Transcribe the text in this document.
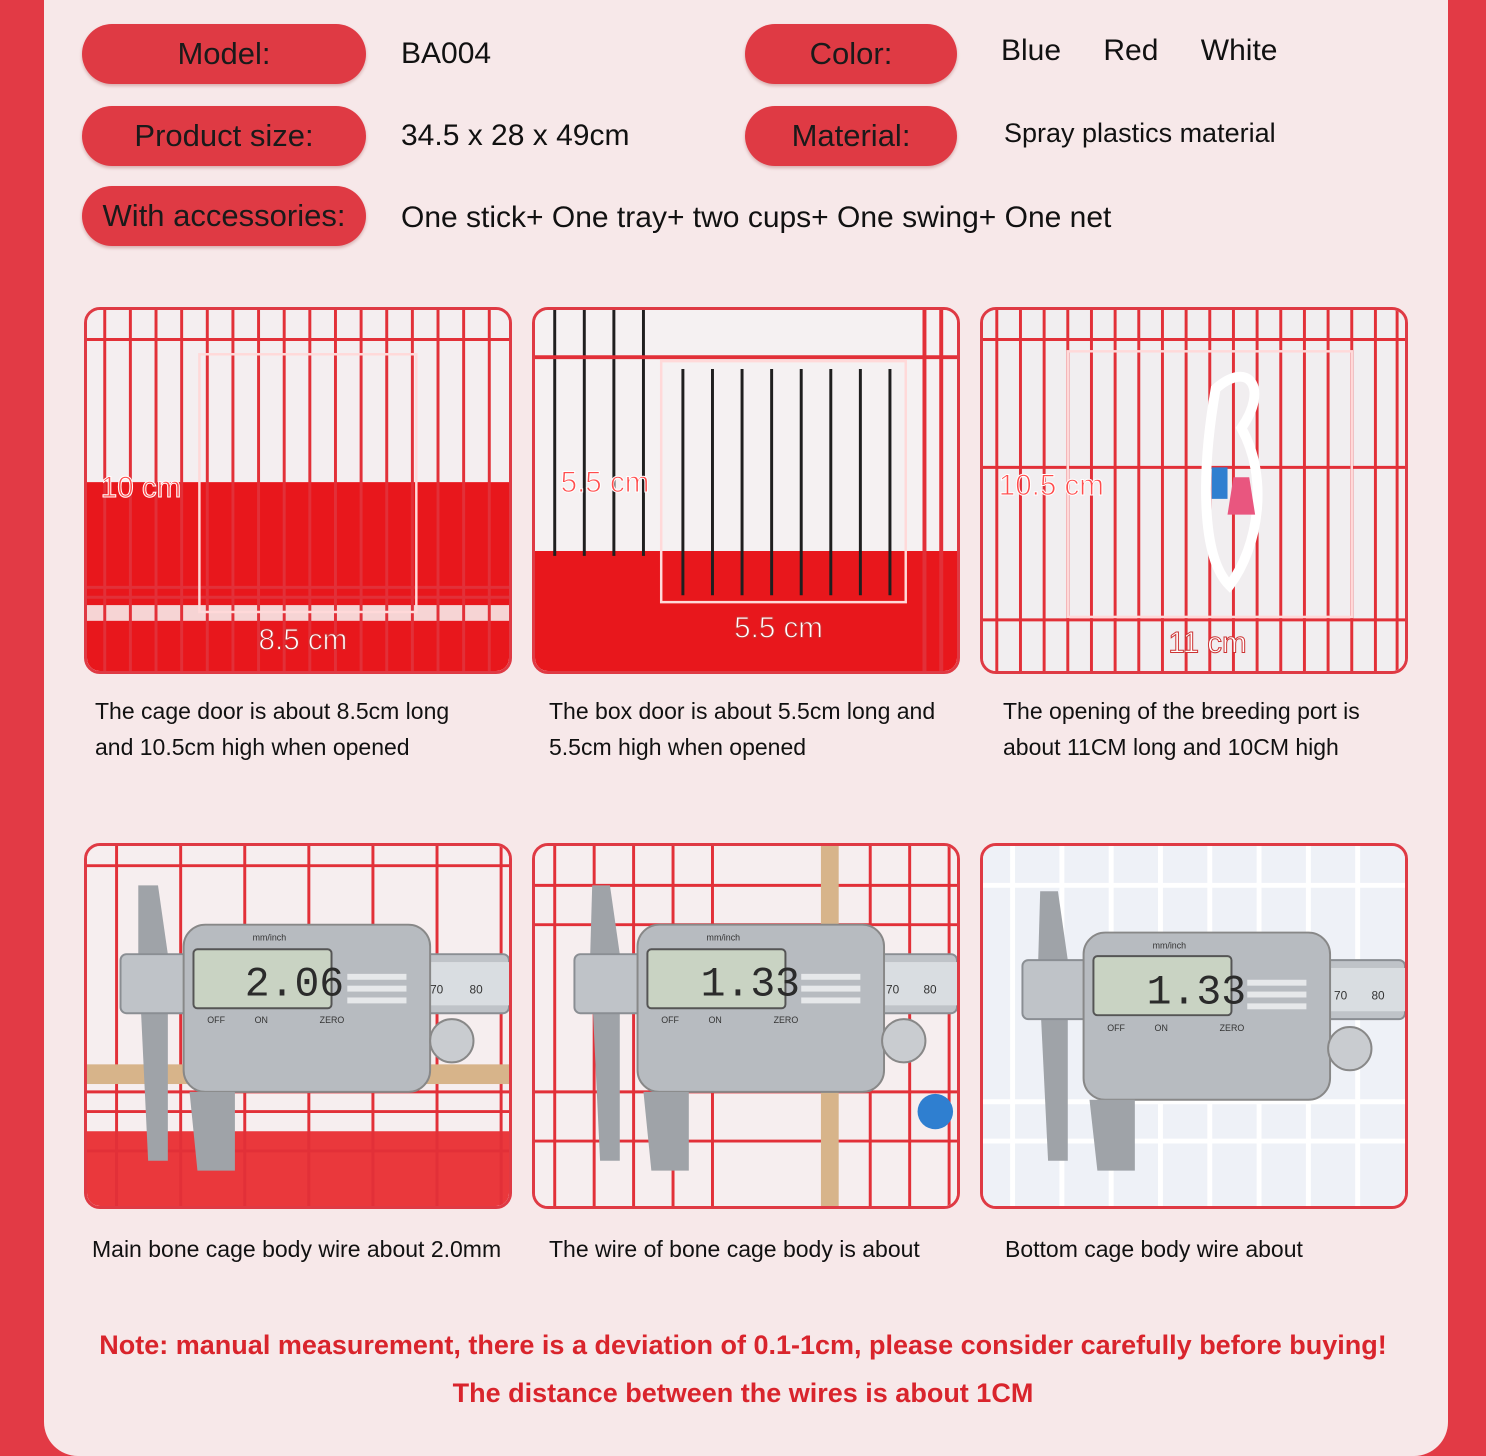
Model:	BA004	Color:	Blue Red White
Product size:	34.5 x 28 x 49cm	Material:	Spray plastics material
With accessories:	One stick+ One tray+ two cups+ One swing+ One net
10 cm
8.5 cm
5.5 cm
5.5 cm
10.5 cm
11 cm
The cage door is about 8.5cm long
and 10.5cm high when opened
The box door is about 5.5cm long and
5.5cm high when opened
The opening of the breeding port is
about 11CM long and 10CM high
2.06
mm/inch
OFF	ON	ZERO
70 80	1.33
mm/inch
OFF	ON	ZERO
70 80	1.33
mm/inch
OFF	ON	ZERO
70 80
Main bone cage body wire about 2.0mm The wire of bone cage body is about	Bottom cage body wire about
Note: manual measurement, there is a deviation of 0.1-1cm, please consider carefully before buying!
The distance between the wires is about 1CM
